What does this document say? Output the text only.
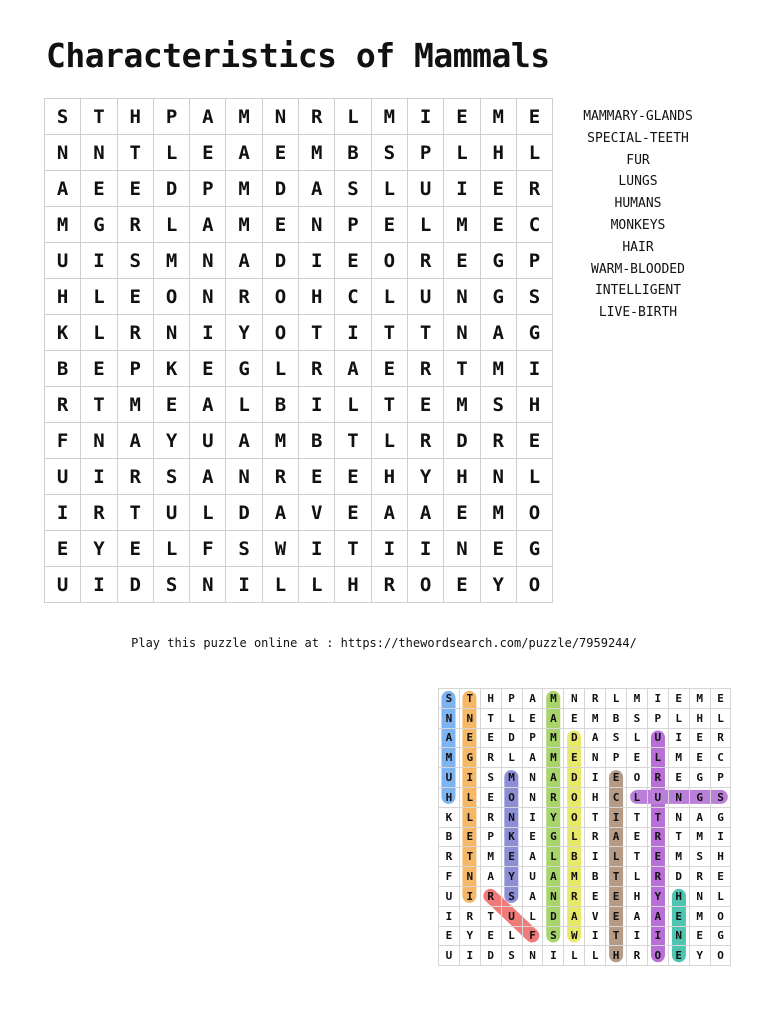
Characteristics of Mammals
S	T	H	P	A	M	N	R	L	M	I	E	M	E
N	N	T	L	E	A	E	M	B	S	P	L	H	L
A	E	E	D	P	M	D	A	S	L	U	I	E	R
M	G	R	L	A	M	E	N	P	E	L	M	E	C
U	I	S	M	N	A	D	I	E	O	R	E	G	P
H	L	E	O	N	R	O	H	C	L	U	N	G	S
K	L	R	N	I	Y	O	T	I	T	T	N	A	G
B	E	P	K	E	G	L	R	A	E	R	T	M	I
R	T	M	E	A	L	B	I	L	T	E	M	S	H
F	N	A	Y	U	A	M	B	T	L	R	D	R	E
U	I	R	S	A	N	R	E	E	H	Y	H	N	L
I	R	T	U	L	D	A	V	E	A	A	E	M	O
E	Y	E	L	F	S	W	I	T	I	I	N	E	G
U	I	D	S	N	I	L	L	H	R	O	E	Y	O
MAMMARY-GLANDS
SPECIAL-TEETH
FUR
LUNGS
HUMANS
MONKEYS
HAIR
WARM-BLOODED
INTELLIGENT
LIVE-BIRTH
Play this puzzle online at : https://thewordsearch.com/puzzle/7959244/
S	T	H	P	A	M	N	R	L	M	I	E	M	E
N	N	T	L	E	A	E	M	B	S	P	L	H	L
A	E	E	D	P	M	D	A	S	L	U	I	E	R
M	G	R	L	A	M	E	N	P	E	L	M	E	C
U	I	S	M	N	A	D	I	E	O	R	E	G	P
H	L	E	O	N	R	O	H	C	L	U	N	G	S
K	L	R	N	I	Y	O	T	I	T	T	N	A	G
B	E	P	K	E	G	L	R	A	E	R	T	M	I
R	T	M	E	A	L	B	I	L	T	E	M	S	H
F	N	A	Y	U	A	M	B	T	L	R	D	R	E
U	I	R	S	A	N	R	E	E	H	Y	H	N	L
I	R	T	U	L	D	A	V	E	A	A	E	M	O
E	Y	E	L	F	S	W	I	T	I	I	N	E	G
U	I	D	S	N	I	L	L	H	R	O	E	Y	O
